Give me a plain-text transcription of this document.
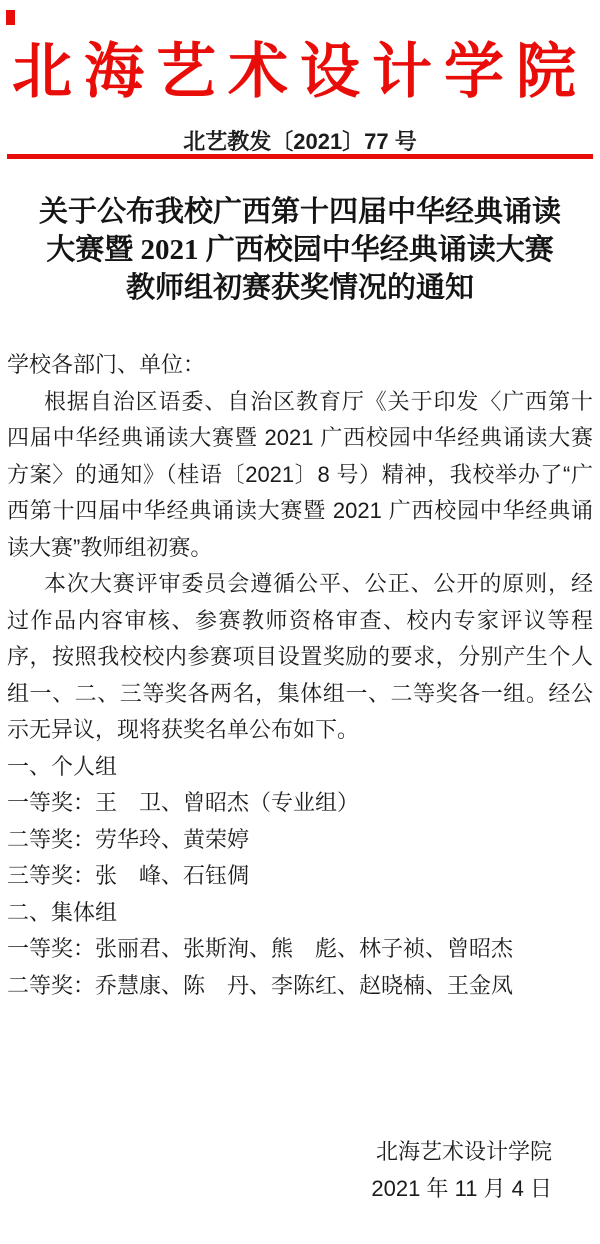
北海艺术设计学院
北艺教发〔2021〕77 号
关于公布我校广西第十四届中华经典诵读
大赛暨 2021 广西校园中华经典诵读大赛
教师组初赛获奖情况的通知

学校各部门、单位：

根据自治区语委、自治区教育厅《关于印发〈广西第十四届中华经典诵读大赛暨 2021 广西校园中华经典诵读大赛方案〉的通知》（桂语〔2021〕8 号）精神，我校举办了“广西第十四届中华经典诵读大赛暨 2021 广西校园中华经典诵读大赛”教师组初赛。

本次大赛评审委员会遵循公平、公正、公开的原则，经过作品内容审核、参赛教师资格审查、校内专家评议等程序，按照我校校内参赛项目设置奖励的要求，分别产生个人组一、二、三等奖各两名，集体组一、二等奖各一组。经公示无异议，现将获奖名单公布如下。

一、个人组

一等奖：王　卫、曾昭杰（专业组）

二等奖：劳华玲、黄荣婷

三等奖：张　峰、石钰倜

二、集体组

一等奖：张丽君、张斯洵、熊　彪、林子祯、曾昭杰

二等奖：乔慧康、陈　丹、李陈红、赵晓楠、王金凤

北海艺术设计学院
2021 年 11 月 4 日
